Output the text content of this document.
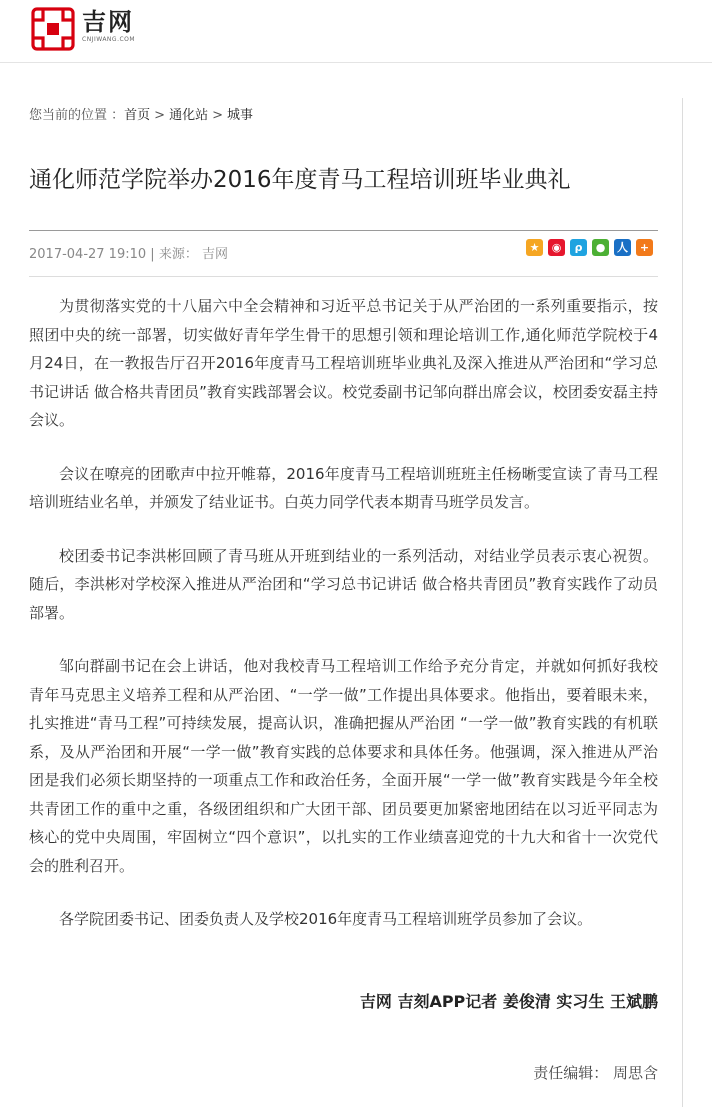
吉网
CNJIWANG.COM
您当前的位置 ：首页 > 通化站 > 城事
通化师范学院举办2016年度青马工程培训班毕业典礼
2017-04-27 19:10 | 来源： 吉网	★	◉	ρ	●	人	+

为贯彻落实党的十八届六中全会精神和习近平总书记关于从严治团的一系列重要指示，按照团中央的统一部署，切实做好青年学生骨干的思想引领和理论培训工作,通化师范学院校于4月24日，在一教报告厅召开2016年度青马工程培训班毕业典礼及深入推进从严治团和“学习总书记讲话 做合格共青团员”教育实践部署会议。校党委副书记邹向群出席会议，校团委安磊主持会议。

会议在嘹亮的团歌声中拉开帷幕，2016年度青马工程培训班班主任杨晰雯宣读了青马工程培训班结业名单，并颁发了结业证书。白英力同学代表本期青马班学员发言。

校团委书记李洪彬回顾了青马班从开班到结业的一系列活动，对结业学员表示衷心祝贺。随后，李洪彬对学校深入推进从严治团和“学习总书记讲话 做合格共青团员”教育实践作了动员部署。

邹向群副书记在会上讲话，他对我校青马工程培训工作给予充分肯定，并就如何抓好我校青年马克思主义培养工程和从严治团、“一学一做”工作提出具体要求。他指出，要着眼未来，扎实推进“青马工程”可持续发展，提高认识，准确把握从严治团 “一学一做”教育实践的有机联系，及从严治团和开展“一学一做”教育实践的总体要求和具体任务。他强调，深入推进从严治团是我们必须长期坚持的一项重点工作和政治任务，全面开展“一学一做”教育实践是今年全校共青团工作的重中之重，各级团组织和广大团干部、团员要更加紧密地团结在以习近平同志为核心的党中央周围，牢固树立“四个意识”，以扎实的工作业绩喜迎党的十九大和省十一次党代会的胜利召开。

各学院团委书记、团委负责人及学校2016年度青马工程培训班学员参加了会议。

吉网 吉刻APP记者 姜俊清 实习生 王斌鹏
责任编辑： 周思含
